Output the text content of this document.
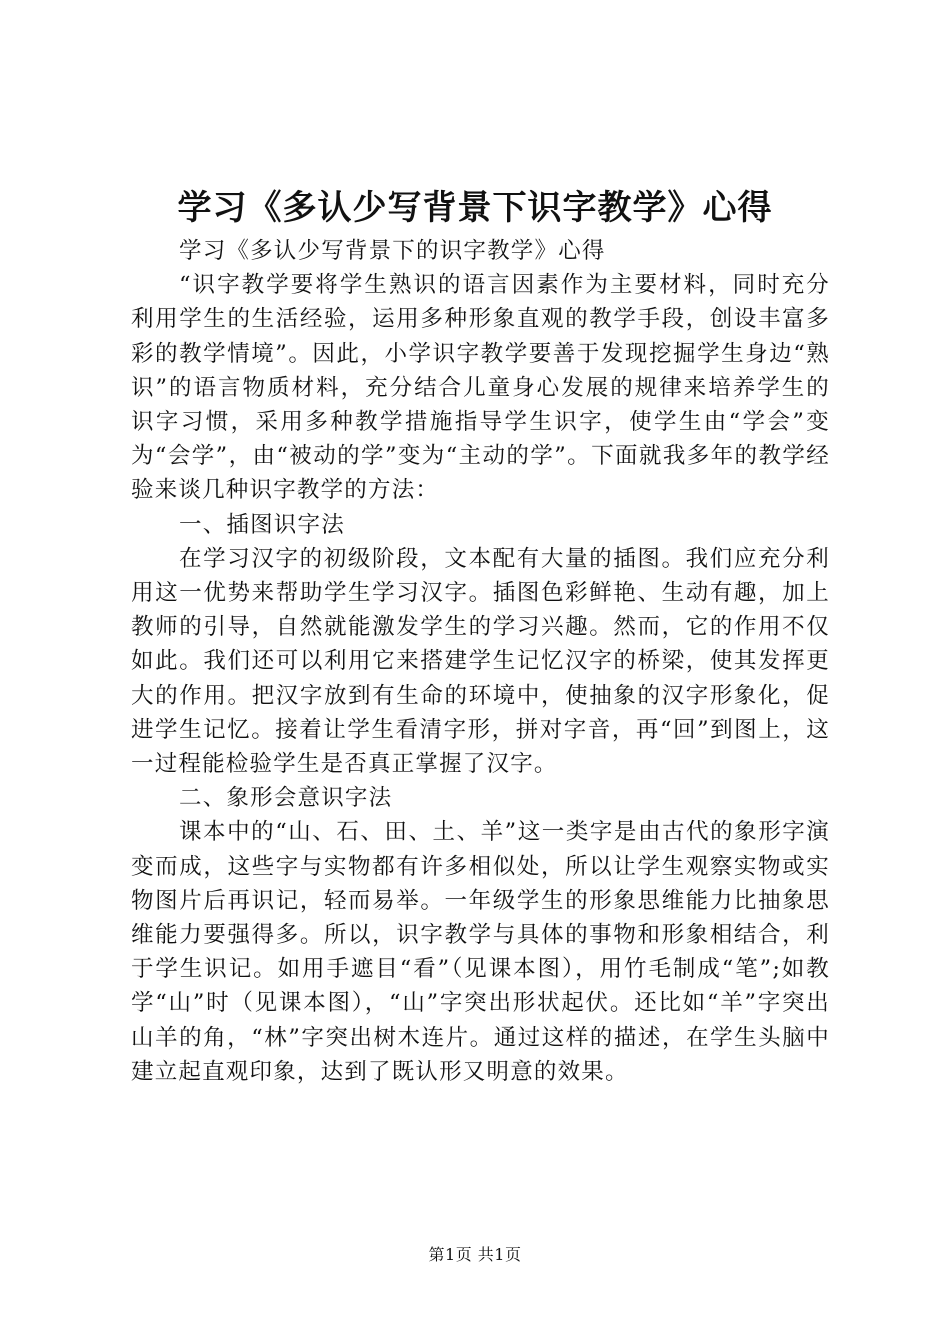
学习《多认少写背景下识字教学》心得

学习《多认少写背景下的识字教学》心得

“识字教学要将学生熟识的语言因素作为主要材料，同时充分利用学生的生活经验，运用多种形象直观的教学手段，创设丰富多彩的教学情境”。因此，小学识字教学要善于发现挖掘学生身边“熟识”的语言物质材料，充分结合儿童身心发展的规律来培养学生的识字习惯，采用多种教学措施指导学生识字，使学生由“学会”变为“会学”，由“被动的学”变为“主动的学”。下面就我多年的教学经验来谈几种识字教学的方法：

一、插图识字法

在学习汉字的初级阶段，文本配有大量的插图。我们应充分利用这一优势来帮助学生学习汉字。插图色彩鲜艳、生动有趣，加上教师的引导，自然就能激发学生的学习兴趣。然而，它的作用不仅如此。我们还可以利用它来搭建学生记忆汉字的桥梁，使其发挥更大的作用。把汉字放到有生命的环境中，使抽象的汉字形象化，促进学生记忆。接着让学生看清字形，拼对字音，再“回”到图上，这一过程能检验学生是否真正掌握了汉字。

二、象形会意识字法

课本中的“山、石、田、土、羊”这一类字是由古代的象形字演变而成，这些字与实物都有许多相似处，所以让学生观察实物或实物图片后再识记，轻而易举。一年级学生的形象思维能力比抽象思维能力要强得多。所以，识字教学与具体的事物和形象相结合，利于学生识记。如用手遮目“看”（见课本图），用竹毛制成“笔”;如教学“山”时（见课本图），“山”字突出形状起伏。还比如“羊”字突出山羊的角，“林”字突出树木连片。通过这样的描述，在学生头脑中建立起直观印象，达到了既认形又明意的效果。

第1页 共1页
